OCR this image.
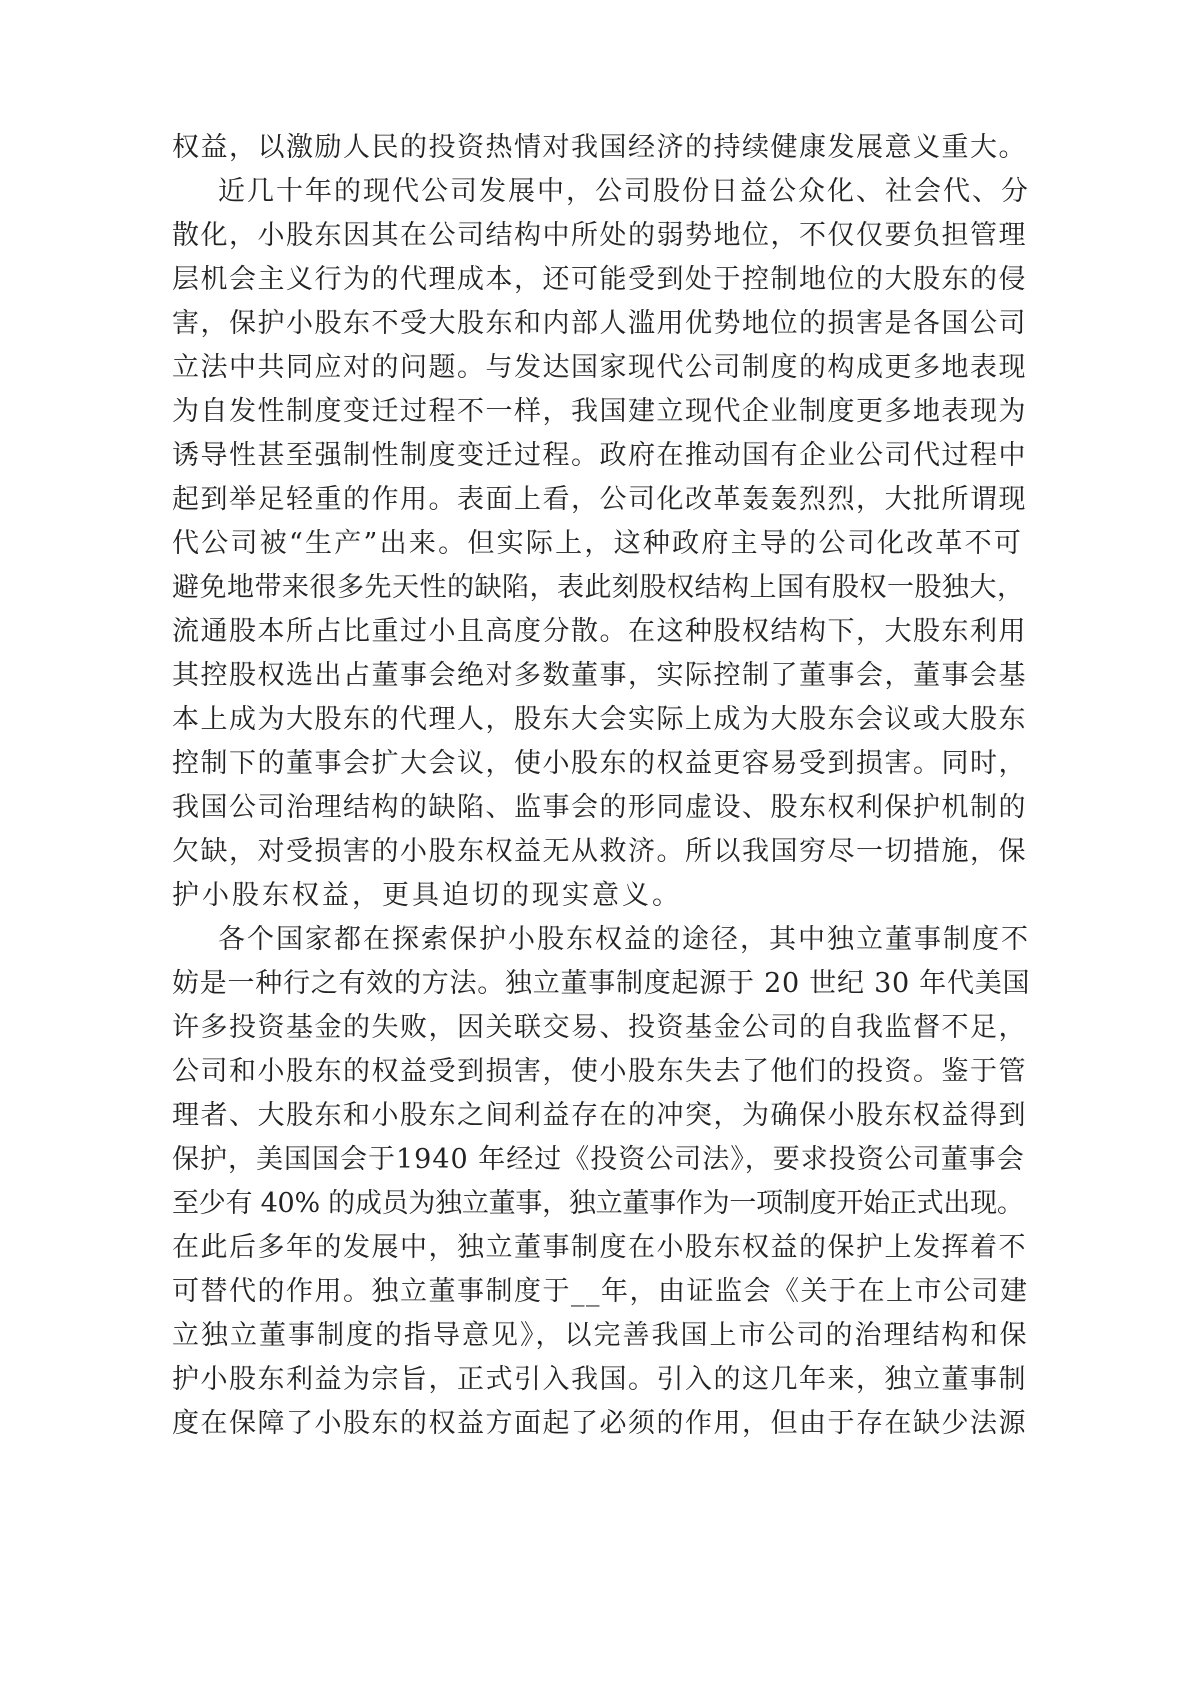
权益，以激励人民的投资热情对我国经济的持续健康发展意义重大。
近几十年的现代公司发展中，公司股份日益公众化、社会代、分
散化，小股东因其在公司结构中所处的弱势地位，不仅仅要负担管理
层机会主义行为的代理成本，还可能受到处于控制地位的大股东的侵
害，保护小股东不受大股东和内部人滥用优势地位的损害是各国公司
立法中共同应对的问题。与发达国家现代公司制度的构成更多地表现
为自发性制度变迁过程不一样，我国建立现代企业制度更多地表现为
诱导性甚至强制性制度变迁过程。政府在推动国有企业公司代过程中
起到举足轻重的作用。表面上看，公司化改革轰轰烈烈，大批所谓现
代公司被“生产”出来。但实际上，这种政府主导的公司化改革不可
避免地带来很多先天性的缺陷，表此刻股权结构上国有股权一股独大，
流通股本所占比重过小且高度分散。在这种股权结构下，大股东利用
其控股权选出占董事会绝对多数董事，实际控制了董事会，董事会基
本上成为大股东的代理人，股东大会实际上成为大股东会议或大股东
控制下的董事会扩大会议，使小股东的权益更容易受到损害。同时，
我国公司治理结构的缺陷、监事会的形同虚设、股东权利保护机制的
欠缺，对受损害的小股东权益无从救济。所以我国穷尽一切措施，保
护小股东权益，更具迫切的现实意义。
各个国家都在探索保护小股东权益的途径，其中独立董事制度不
妨是一种行之有效的方法。独立董事制度起源于 20 世纪 30 年代美国
许多投资基金的失败，因关联交易、投资基金公司的自我监督不足，
公司和小股东的权益受到损害，使小股东失去了他们的投资。鉴于管
理者、大股东和小股东之间利益存在的冲突，为确保小股东权益得到
保护，美国国会于1940 年经过《投资公司法》，要求投资公司董事会
至少有 40% 的成员为独立董事，独立董事作为一项制度开始正式出现。
在此后多年的发展中，独立董事制度在小股东权益的保护上发挥着不
可替代的作用。独立董事制度于__年，由证监会《关于在上市公司建
立独立董事制度的指导意见》，以完善我国上市公司的治理结构和保
护小股东利益为宗旨，正式引入我国。引入的这几年来，独立董事制
度在保障了小股东的权益方面起了必须的作用，但由于存在缺少法源
